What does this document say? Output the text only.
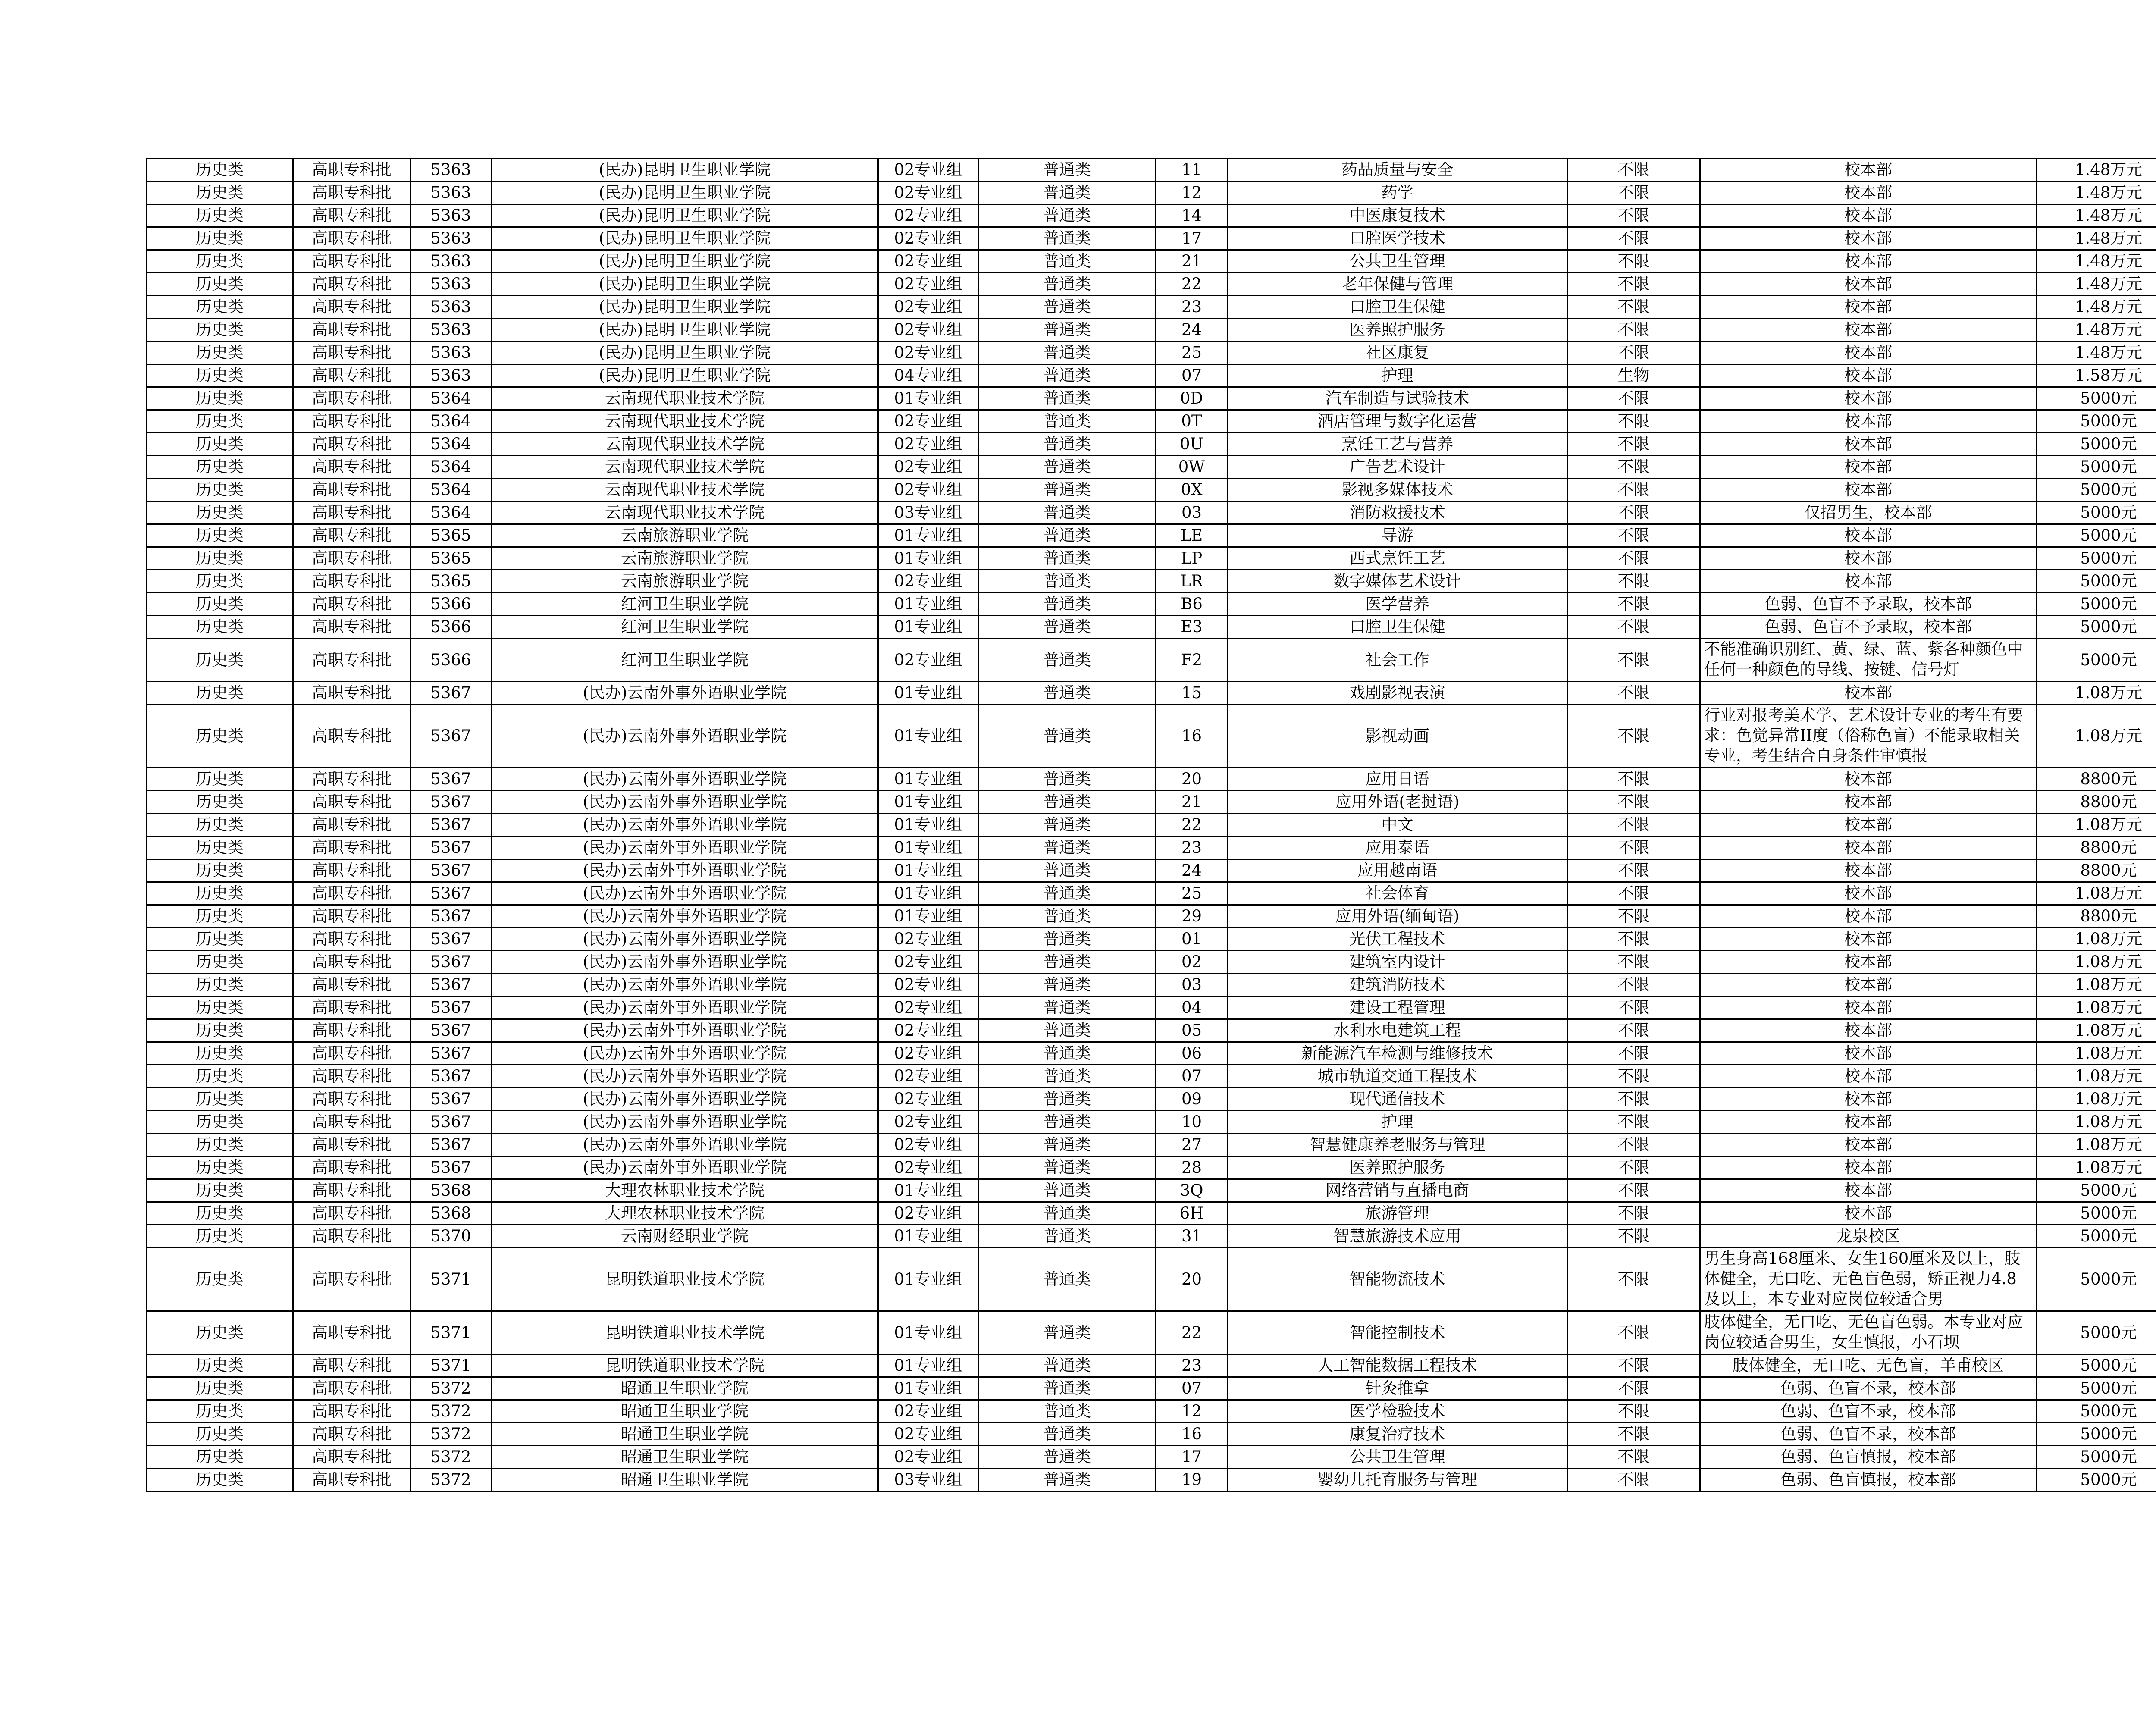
历史类	高职专科批	5363	(民办)昆明卫生职业学院	02专业组	普通类	11	药品质量与安全	不限	校本部	1.48万元	
历史类	高职专科批	5363	(民办)昆明卫生职业学院	02专业组	普通类	12	药学	不限	校本部	1.48万元	
历史类	高职专科批	5363	(民办)昆明卫生职业学院	02专业组	普通类	14	中医康复技术	不限	校本部	1.48万元	
历史类	高职专科批	5363	(民办)昆明卫生职业学院	02专业组	普通类	17	口腔医学技术	不限	校本部	1.48万元	
历史类	高职专科批	5363	(民办)昆明卫生职业学院	02专业组	普通类	21	公共卫生管理	不限	校本部	1.48万元	
历史类	高职专科批	5363	(民办)昆明卫生职业学院	02专业组	普通类	22	老年保健与管理	不限	校本部	1.48万元	
历史类	高职专科批	5363	(民办)昆明卫生职业学院	02专业组	普通类	23	口腔卫生保健	不限	校本部	1.48万元	
历史类	高职专科批	5363	(民办)昆明卫生职业学院	02专业组	普通类	24	医养照护服务	不限	校本部	1.48万元	
历史类	高职专科批	5363	(民办)昆明卫生职业学院	02专业组	普通类	25	社区康复	不限	校本部	1.48万元	
历史类	高职专科批	5363	(民办)昆明卫生职业学院	04专业组	普通类	07	护理	生物	校本部	1.58万元	
历史类	高职专科批	5364	云南现代职业技术学院	01专业组	普通类	0D	汽车制造与试验技术	不限	校本部	5000元	
历史类	高职专科批	5364	云南现代职业技术学院	02专业组	普通类	0T	酒店管理与数字化运营	不限	校本部	5000元	
历史类	高职专科批	5364	云南现代职业技术学院	02专业组	普通类	0U	烹饪工艺与营养	不限	校本部	5000元	
历史类	高职专科批	5364	云南现代职业技术学院	02专业组	普通类	0W	广告艺术设计	不限	校本部	5000元	
历史类	高职专科批	5364	云南现代职业技术学院	02专业组	普通类	0X	影视多媒体技术	不限	校本部	5000元	
历史类	高职专科批	5364	云南现代职业技术学院	03专业组	普通类	03	消防救援技术	不限	仅招男生，校本部	5000元	
历史类	高职专科批	5365	云南旅游职业学院	01专业组	普通类	LE	导游	不限	校本部	5000元	
历史类	高职专科批	5365	云南旅游职业学院	01专业组	普通类	LP	西式烹饪工艺	不限	校本部	5000元	
历史类	高职专科批	5365	云南旅游职业学院	02专业组	普通类	LR	数字媒体艺术设计	不限	校本部	5000元	
历史类	高职专科批	5366	红河卫生职业学院	01专业组	普通类	B6	医学营养	不限	色弱、色盲不予录取，校本部	5000元	
历史类	高职专科批	5366	红河卫生职业学院	01专业组	普通类	E3	口腔卫生保健	不限	色弱、色盲不予录取，校本部	5000元	
历史类	高职专科批	5366	红河卫生职业学院	02专业组	普通类	F2	社会工作	不限	不能准确识别红、黄、绿、蓝、紫各种颜色中任何一种颜色的导线、按键、信号灯	5000元	
历史类	高职专科批	5367	(民办)云南外事外语职业学院	01专业组	普通类	15	戏剧影视表演	不限	校本部	1.08万元	
历史类	高职专科批	5367	(民办)云南外事外语职业学院	01专业组	普通类	16	影视动画	不限	行业对报考美术学、艺术设计专业的考生有要求：色觉异常II度（俗称色盲）不能录取相关专业，考生结合自身条件审慎报	1.08万元	
历史类	高职专科批	5367	(民办)云南外事外语职业学院	01专业组	普通类	20	应用日语	不限	校本部	8800元	
历史类	高职专科批	5367	(民办)云南外事外语职业学院	01专业组	普通类	21	应用外语(老挝语)	不限	校本部	8800元	
历史类	高职专科批	5367	(民办)云南外事外语职业学院	01专业组	普通类	22	中文	不限	校本部	1.08万元	
历史类	高职专科批	5367	(民办)云南外事外语职业学院	01专业组	普通类	23	应用泰语	不限	校本部	8800元	
历史类	高职专科批	5367	(民办)云南外事外语职业学院	01专业组	普通类	24	应用越南语	不限	校本部	8800元	
历史类	高职专科批	5367	(民办)云南外事外语职业学院	01专业组	普通类	25	社会体育	不限	校本部	1.08万元	
历史类	高职专科批	5367	(民办)云南外事外语职业学院	01专业组	普通类	29	应用外语(缅甸语)	不限	校本部	8800元	
历史类	高职专科批	5367	(民办)云南外事外语职业学院	02专业组	普通类	01	光伏工程技术	不限	校本部	1.08万元	
历史类	高职专科批	5367	(民办)云南外事外语职业学院	02专业组	普通类	02	建筑室内设计	不限	校本部	1.08万元	
历史类	高职专科批	5367	(民办)云南外事外语职业学院	02专业组	普通类	03	建筑消防技术	不限	校本部	1.08万元	
历史类	高职专科批	5367	(民办)云南外事外语职业学院	02专业组	普通类	04	建设工程管理	不限	校本部	1.08万元	
历史类	高职专科批	5367	(民办)云南外事外语职业学院	02专业组	普通类	05	水利水电建筑工程	不限	校本部	1.08万元	
历史类	高职专科批	5367	(民办)云南外事外语职业学院	02专业组	普通类	06	新能源汽车检测与维修技术	不限	校本部	1.08万元	
历史类	高职专科批	5367	(民办)云南外事外语职业学院	02专业组	普通类	07	城市轨道交通工程技术	不限	校本部	1.08万元	
历史类	高职专科批	5367	(民办)云南外事外语职业学院	02专业组	普通类	09	现代通信技术	不限	校本部	1.08万元	
历史类	高职专科批	5367	(民办)云南外事外语职业学院	02专业组	普通类	10	护理	不限	校本部	1.08万元	
历史类	高职专科批	5367	(民办)云南外事外语职业学院	02专业组	普通类	27	智慧健康养老服务与管理	不限	校本部	1.08万元	
历史类	高职专科批	5367	(民办)云南外事外语职业学院	02专业组	普通类	28	医养照护服务	不限	校本部	1.08万元	
历史类	高职专科批	5368	大理农林职业技术学院	01专业组	普通类	3Q	网络营销与直播电商	不限	校本部	5000元	
历史类	高职专科批	5368	大理农林职业技术学院	02专业组	普通类	6H	旅游管理	不限	校本部	5000元	
历史类	高职专科批	5370	云南财经职业学院	01专业组	普通类	31	智慧旅游技术应用	不限	龙泉校区	5000元	
历史类	高职专科批	5371	昆明铁道职业技术学院	01专业组	普通类	20	智能物流技术	不限	男生身高168厘米、女生160厘米及以上，肢体健全，无口吃、无色盲色弱，矫正视力4.8及以上，本专业对应岗位较适合男	5000元	
历史类	高职专科批	5371	昆明铁道职业技术学院	01专业组	普通类	22	智能控制技术	不限	肢体健全，无口吃、无色盲色弱。本专业对应岗位较适合男生，女生慎报，小石坝	5000元	
历史类	高职专科批	5371	昆明铁道职业技术学院	01专业组	普通类	23	人工智能数据工程技术	不限	肢体健全，无口吃、无色盲，羊甫校区	5000元	
历史类	高职专科批	5372	昭通卫生职业学院	01专业组	普通类	07	针灸推拿	不限	色弱、色盲不录，校本部	5000元	
历史类	高职专科批	5372	昭通卫生职业学院	02专业组	普通类	12	医学检验技术	不限	色弱、色盲不录，校本部	5000元	
历史类	高职专科批	5372	昭通卫生职业学院	02专业组	普通类	16	康复治疗技术	不限	色弱、色盲不录，校本部	5000元	
历史类	高职专科批	5372	昭通卫生职业学院	02专业组	普通类	17	公共卫生管理	不限	色弱、色盲慎报，校本部	5000元	
历史类	高职专科批	5372	昭通卫生职业学院	03专业组	普通类	19	婴幼儿托育服务与管理	不限	色弱、色盲慎报，校本部	5000元	
